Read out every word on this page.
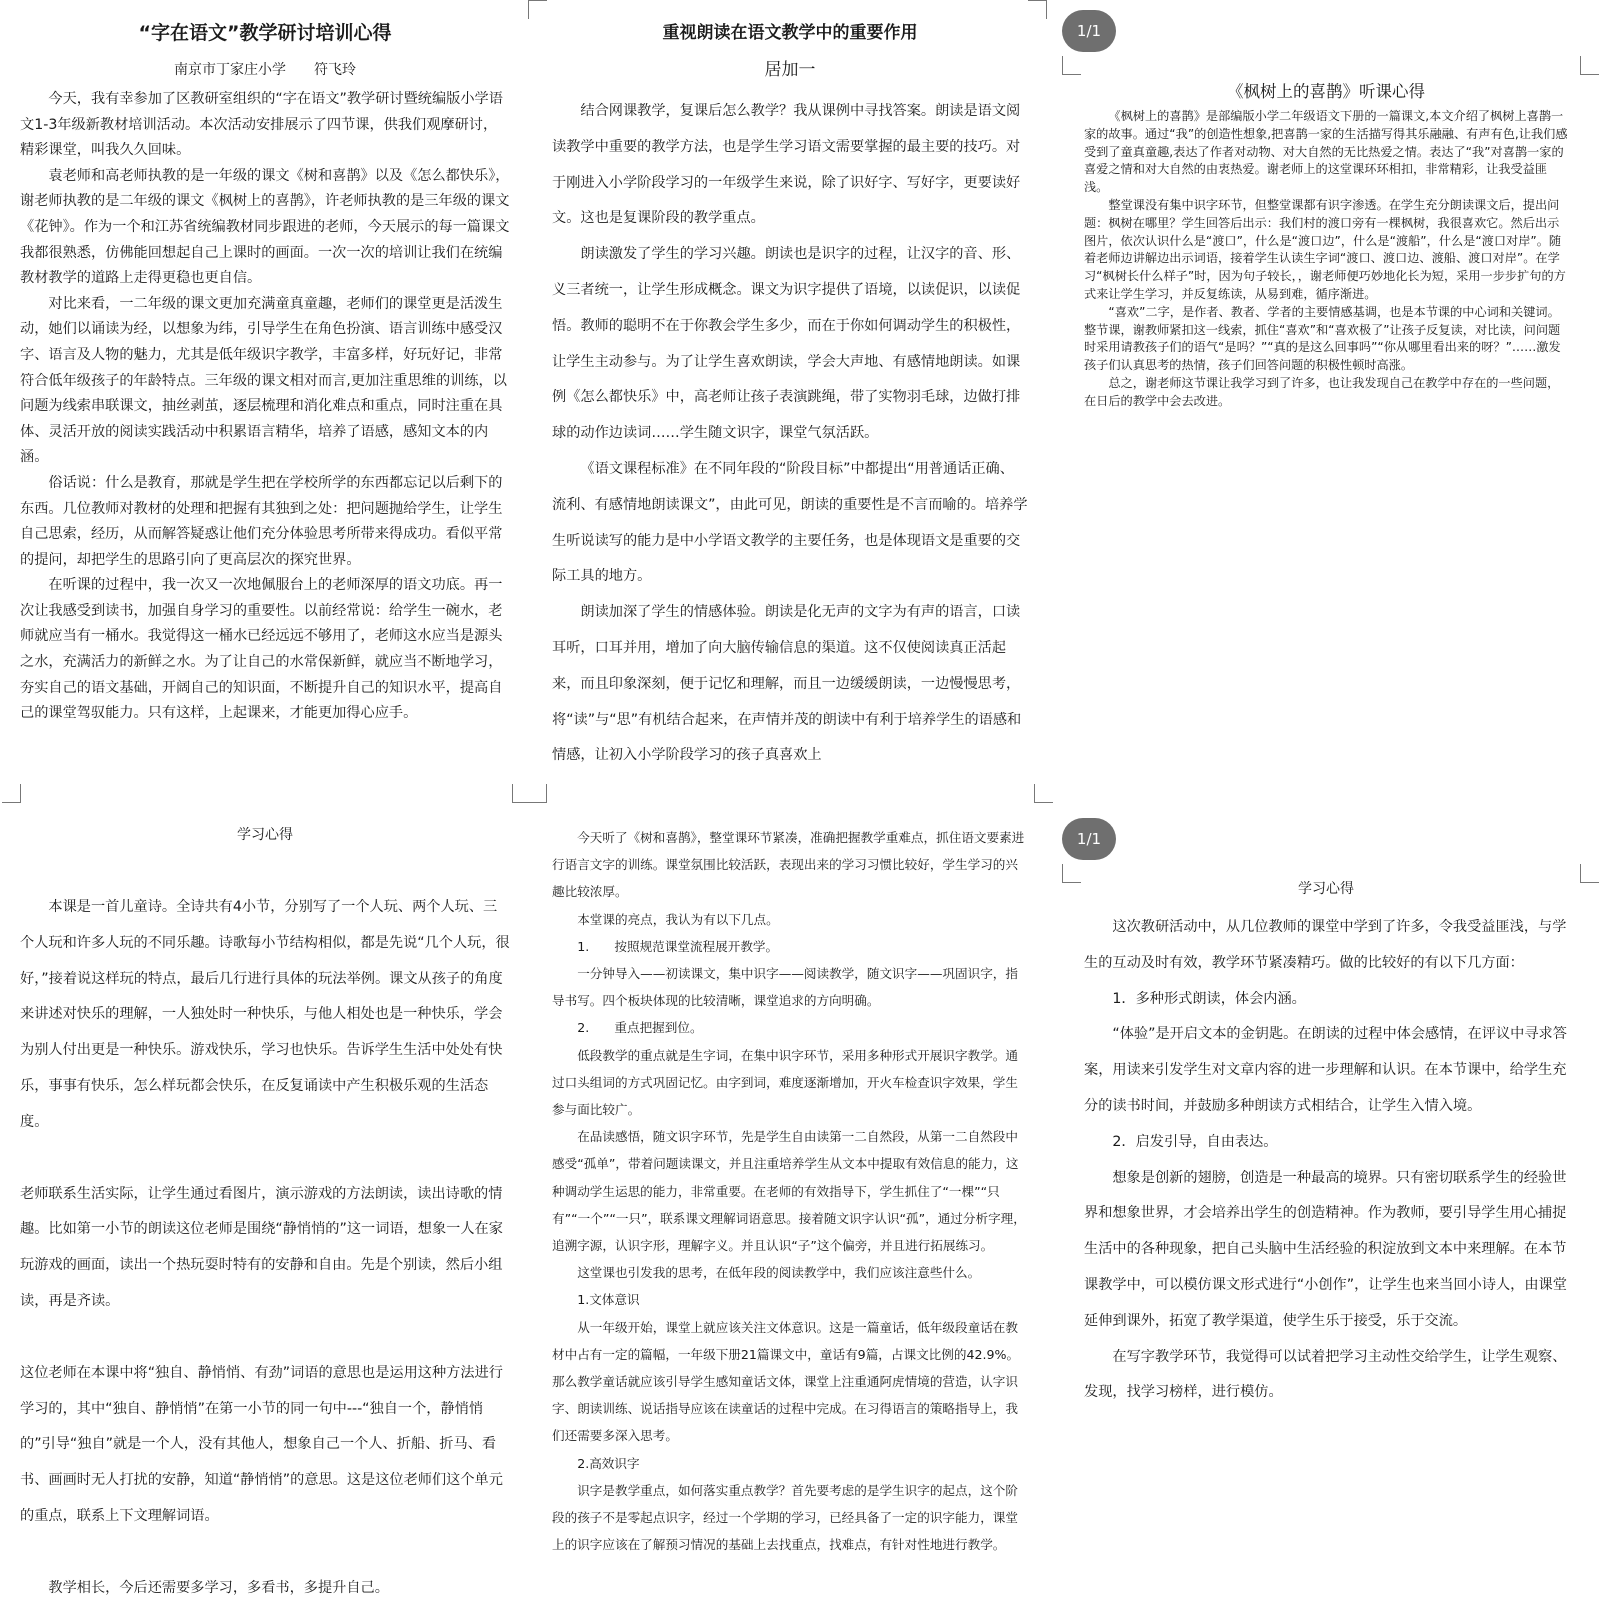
“字在语文”教学研讨培训心得
南京市丁家庄小学　　符飞玲

今天，我有幸参加了区教研室组织的“字在语文”教学研讨暨统编版小学语文1-3年级新教材培训活动。本次活动安排展示了四节课，供我们观摩研讨，精彩课堂，叫我久久回味。

袁老师和高老师执教的是一年级的课文《树和喜鹊》以及《怎么都快乐》，谢老师执教的是二年级的课文《枫树上的喜鹊》，许老师执教的是三年级的课文《花钟》。作为一个和江苏省统编教材同步跟进的老师，今天展示的每一篇课文我都很熟悉，仿佛能回想起自己上课时的画面。一次一次的培训让我们在统编教材教学的道路上走得更稳也更自信。

对比来看，一二年级的课文更加充满童真童趣，老师们的课堂更是活泼生动，她们以诵读为经，以想象为纬，引导学生在角色扮演、语言训练中感受汉字、语言及人物的魅力，尤其是低年级识字教学，丰富多样，好玩好记，非常符合低年级孩子的年龄特点。三年级的课文相对而言,更加注重思维的训练，以问题为线索串联课文，抽丝剥茧，逐层梳理和消化难点和重点，同时注重在具体、灵活开放的阅读实践活动中积累语言精华，培养了语感，感知文本的内涵。

俗话说：什么是教育，那就是学生把在学校所学的东西都忘记以后剩下的东西。几位教师对教材的处理和把握有其独到之处：把问题抛给学生，让学生自己思索，经历，从而解答疑惑让他们充分体验思考所带来得成功。看似平常的提问，却把学生的思路引向了更高层次的探究世界。

在听课的过程中，我一次又一次地佩服台上的老师深厚的语文功底。再一次让我感受到读书，加强自身学习的重要性。以前经常说：给学生一碗水，老师就应当有一桶水。我觉得这一桶水已经远远不够用了，老师这水应当是源头之水，充满活力的新鲜之水。为了让自己的水常保新鲜，就应当不断地学习，夯实自己的语文基础，开阔自己的知识面，不断提升自己的知识水平，提高自己的课堂驾驭能力。只有这样，上起课来，才能更加得心应手。

重视朗读在语文教学中的重要作用
居加一

结合网课教学，复课后怎么教学？我从课例中寻找答案。朗读是语文阅读教学中重要的教学方法，也是学生学习语文需要掌握的最主要的技巧。对于刚进入小学阶段学习的一年级学生来说，除了识好字、写好字，更要读好文。这也是复课阶段的教学重点。

朗读激发了学生的学习兴趣。朗读也是识字的过程，让汉字的音、形、义三者统一，让学生形成概念。课文为识字提供了语境，以读促识，以读促悟。教师的聪明不在于你教会学生多少，而在于你如何调动学生的积极性，让学生主动参与。为了让学生喜欢朗读，学会大声地、有感情地朗读。如课例《怎么都快乐》中，高老师让孩子表演跳绳，带了实物羽毛球，边做打排球的动作边读词……学生随文识字，课堂气氛活跃。

《语文课程标准》在不同年段的“阶段目标”中都提出“用普通话正确、流利、有感情地朗读课文”，由此可见，朗读的重要性是不言而喻的。培养学生听说读写的能力是中小学语文教学的主要任务，也是体现语文是重要的交际工具的地方。

朗读加深了学生的情感体验。朗读是化无声的文字为有声的语言，口读耳听，口耳并用，增加了向大脑传输信息的渠道。这不仅使阅读真正活起来，而且印象深刻，便于记忆和理解，而且一边缓缓朗读，一边慢慢思考，将“读”与“思”有机结合起来，在声情并茂的朗读中有利于培养学生的语感和情感，让初入小学阶段学习的孩子真喜欢上

《枫树上的喜鹊》听课心得

《枫树上的喜鹊》是部编版小学二年级语文下册的一篇课文,本文介绍了枫树上喜鹊一家的故事。通过“我”的创造性想象,把喜鹊一家的生活描写得其乐融融、有声有色,让我们感受到了童真童趣,表达了作者对动物、对大自然的无比热爱之情。表达了“我”对喜鹊一家的喜爱之情和对大自然的由衷热爱。谢老师上的这堂课环环相扣，非常精彩，让我受益匪浅。

整堂课没有集中识字环节，但整堂课都有识字渗透。在学生充分朗读课文后，提出问题：枫树在哪里？学生回答后出示：我们村的渡口旁有一棵枫树，我很喜欢它。然后出示图片，依次认识什么是“渡口”，什么是“渡口边”，什么是“渡船”，什么是“渡口对岸”。随着老师边讲解边出示词语，接着学生认读生字词“渡口、渡口边、渡船、渡口对岸”。在学习“枫树长什么样子”时，因为句子较长，，谢老师便巧妙地化长为短，采用一步步扩句的方式来让学生学习，并反复练读，从易到难，循序渐进。

“喜欢”二字，是作者、教者、学者的主要情感基调，也是本节课的中心词和关键词。整节课，谢教师紧扣这一线索，抓住“喜欢”和“喜欢极了”让孩子反复读，对比读，问问题时采用请教孩子们的语气“是吗？”“真的是这么回事吗”“你从哪里看出来的呀？”……激发孩子们认真思考的热情，孩子们回答问题的积极性顿时高涨。

总之，谢老师这节课让我学习到了许多，也让我发现自己在教学中存在的一些问题，在日后的教学中会去改进。

学习心得

本课是一首儿童诗。全诗共有4小节，分别写了一个人玩、两个人玩、三个人玩和许多人玩的不同乐趣。诗歌每小节结构相似，都是先说“几个人玩，很好，”接着说这样玩的特点，最后几行进行具体的玩法举例。课文从孩子的角度来讲述对快乐的理解，一人独处时一种快乐，与他人相处也是一种快乐，学会为别人付出更是一种快乐。游戏快乐，学习也快乐。告诉学生生活中处处有快乐，事事有快乐，怎么样玩都会快乐，在反复诵读中产生积极乐观的生活态度。

老师联系生活实际，让学生通过看图片，演示游戏的方法朗读，读出诗歌的情趣。比如第一小节的朗读这位老师是围绕“静悄悄的”这一词语，想象一人在家玩游戏的画面，读出一个热玩耍时特有的安静和自由。先是个别读，然后小组读，再是齐读。

这位老师在本课中将“独自、静悄悄、有劲”词语的意思也是运用这种方法进行学习的，其中“独自、静悄悄”在第一小节的同一句中---“独自一个，静悄悄的”引导“独自”就是一个人，没有其他人，想象自己一个人、折船、折马、看书、画画时无人打扰的安静，知道“静悄悄”的意思。这是这位老师们这个单元的重点，联系上下文理解词语。

教学相长，今后还需要多学习，多看书，多提升自己。

今天听了《树和喜鹊》，整堂课环节紧凑，准确把握教学重难点，抓住语文要素进行语言文字的训练。课堂氛围比较活跃，表现出来的学习习惯比较好，学生学习的兴趣比较浓厚。

本堂课的亮点，我认为有以下几点。

1.　　按照规范课堂流程展开教学。

一分钟导入——初读课文，集中识字——阅读教学，随文识字——巩固识字，指导书写。四个板块体现的比较清晰，课堂追求的方向明确。

2.　　重点把握到位。

低段教学的重点就是生字词，在集中识字环节，采用多种形式开展识字教学。通过口头组词的方式巩固记忆。由字到词，难度逐渐增加，开火车检查识字效果，学生参与面比较广。

在品读感悟，随文识字环节，先是学生自由读第一二自然段，从第一二自然段中感受“孤单”，带着问题读课文，并且注重培养学生从文本中提取有效信息的能力，这种调动学生运思的能力，非常重要。在老师的有效指导下，学生抓住了“一棵”“只有”“一个”“一只”，联系课文理解词语意思。接着随文识字认识“孤”，通过分析字理，追溯字源，认识字形，理解字义。并且认识“子”这个偏旁，并且进行拓展练习。

这堂课也引发我的思考，在低年段的阅读教学中，我们应该注意些什么。

1.文体意识

从一年级开始，课堂上就应该关注文体意识。这是一篇童话，低年级段童话在教材中占有一定的篇幅，一年级下册21篇课文中，童话有9篇，占课文比例的42.9%。那么教学童话就应该引导学生感知童话文体，课堂上注重通阿虎情境的营造，认字识字、朗读训练、说话指导应该在读童话的过程中完成。在习得语言的策略指导上，我们还需要多深入思考。

2.高效识字

识字是教学重点，如何落实重点教学？首先要考虑的是学生识字的起点，这个阶段的孩子不是零起点识字，经过一个学期的学习，已经具备了一定的识字能力，课堂上的识字应该在了解预习情况的基础上去找重点，找难点，有针对性地进行教学。

学习心得

这次教研活动中，从几位教师的课堂中学到了许多，令我受益匪浅，与学生的互动及时有效，教学环节紧凑精巧。做的比较好的有以下几方面：

1．多种形式朗读，体会内涵。

“体验”是开启文本的金钥匙。在朗读的过程中体会感情，在评议中寻求答案，用读来引发学生对文章内容的进一步理解和认识。在本节课中，给学生充分的读书时间，并鼓励多种朗读方式相结合，让学生入情入境。

2．启发引导，自由表达。

想象是创新的翅膀，创造是一种最高的境界。只有密切联系学生的经验世界和想象世界，才会培养出学生的创造精神。作为教师，要引导学生用心捕捉生活中的各种现象，把自己头脑中生活经验的积淀放到文本中来理解。在本节课教学中，可以模仿课文形式进行“小创作”，让学生也来当回小诗人，由课堂延伸到课外，拓宽了教学渠道，使学生乐于接受，乐于交流。

在写字教学环节，我觉得可以试着把学习主动性交给学生，让学生观察、发现，找学习榜样，进行模仿。

1/1
1/1
